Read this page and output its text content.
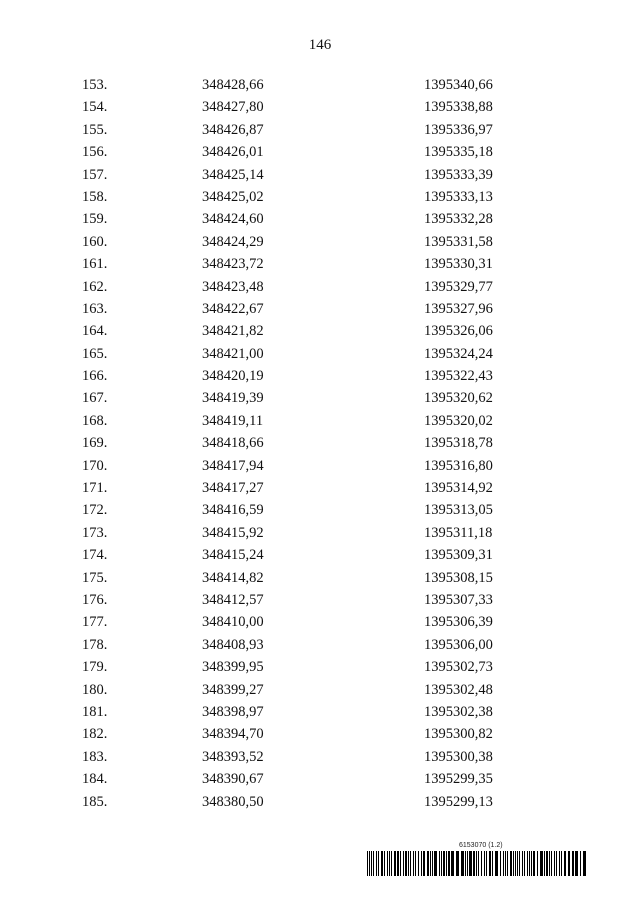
146
153.	348428,66	1395340,66
154.	348427,80	1395338,88
155.	348426,87	1395336,97
156.	348426,01	1395335,18
157.	348425,14	1395333,39
158.	348425,02	1395333,13
159.	348424,60	1395332,28
160.	348424,29	1395331,58
161.	348423,72	1395330,31
162.	348423,48	1395329,77
163.	348422,67	1395327,96
164.	348421,82	1395326,06
165.	348421,00	1395324,24
166.	348420,19	1395322,43
167.	348419,39	1395320,62
168.	348419,11	1395320,02
169.	348418,66	1395318,78
170.	348417,94	1395316,80
171.	348417,27	1395314,92
172.	348416,59	1395313,05
173.	348415,92	1395311,18
174.	348415,24	1395309,31
175.	348414,82	1395308,15
176.	348412,57	1395307,33
177.	348410,00	1395306,39
178.	348408,93	1395306,00
179.	348399,95	1395302,73
180.	348399,27	1395302,48
181.	348398,97	1395302,38
182.	348394,70	1395300,82
183.	348393,52	1395300,38
184.	348390,67	1395299,35
185.	348380,50	1395299,13
6153070 (1.2)
